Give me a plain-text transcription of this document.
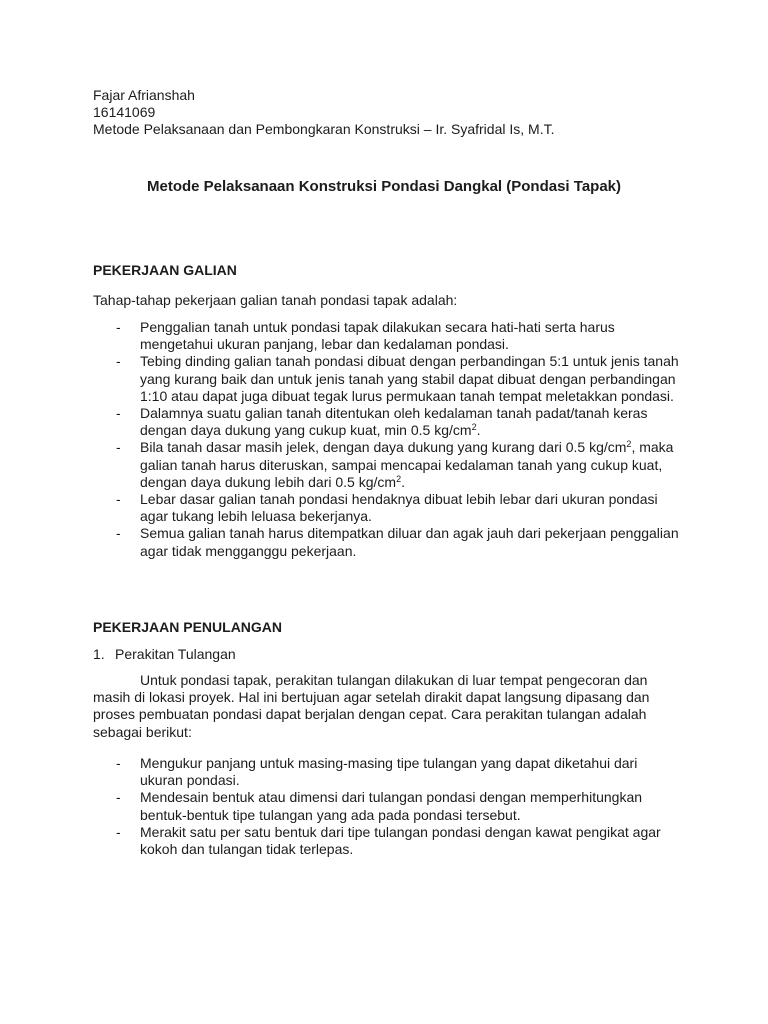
Fajar Afrianshah
16141069
Metode Pelaksanaan dan Pembongkaran Konstruksi – Ir. Syafridal Is, M.T.
Metode Pelaksanaan Konstruksi Pondasi Dangkal (Pondasi Tapak)
PEKERJAAN GALIAN
Tahap-tahap pekerjaan galian tanah pondasi tapak adalah:
- Penggalian tanah untuk pondasi tapak dilakukan secara hati-hati serta harus mengetahui ukuran panjang, lebar dan kedalaman pondasi.
- Tebing dinding galian tanah pondasi dibuat dengan perbandingan 5:1 untuk jenis tanah yang kurang baik dan untuk jenis tanah yang stabil dapat dibuat dengan perbandingan 1:10 atau dapat juga dibuat tegak lurus permukaan tanah tempat meletakkan pondasi.
- Dalamnya suatu galian tanah ditentukan oleh kedalaman tanah padat/tanah keras dengan daya dukung yang cukup kuat, min 0.5 $kg/cm^2$.
- Bila tanah dasar masih jelek, dengan daya dukung yang kurang dari 0.5 $kg/cm^2$, maka galian tanah harus diteruskan, sampai mencapai kedalaman tanah yang cukup kuat, dengan daya dukung lebih dari 0.5 $kg/cm^2$.
- Lebar dasar galian tanah pondasi hendaknya dibuat lebih lebar dari ukuran pondasi agar tukang lebih leluasa bekerjanya.
- Semua galian tanah harus ditempatkan diluar dan agak jauh dari pekerjaan penggalian agar tidak mengganggu pekerjaan.
PEKERJAAN PENULANGAN
1. Perakitan Tulangan
Untuk pondasi tapak, perakitan tulangan dilakukan di luar tempat pengecoran dan masih di lokasi proyek. Hal ini bertujuan agar setelah dirakit dapat langsung dipasang dan proses pembuatan pondasi dapat berjalan dengan cepat. Cara perakitan tulangan adalah sebagai berikut:
- Mengukur panjang untuk masing-masing tipe tulangan yang dapat diketahui dari ukuran pondasi.
- Mendesain bentuk atau dimensi dari tulangan pondasi dengan memperhitungkan bentuk-bentuk tipe tulangan yang ada pada pondasi tersebut.
- Merakit satu per satu bentuk dari tipe tulangan pondasi dengan kawat pengikat agar kokoh dan tulangan tidak terlepas.
